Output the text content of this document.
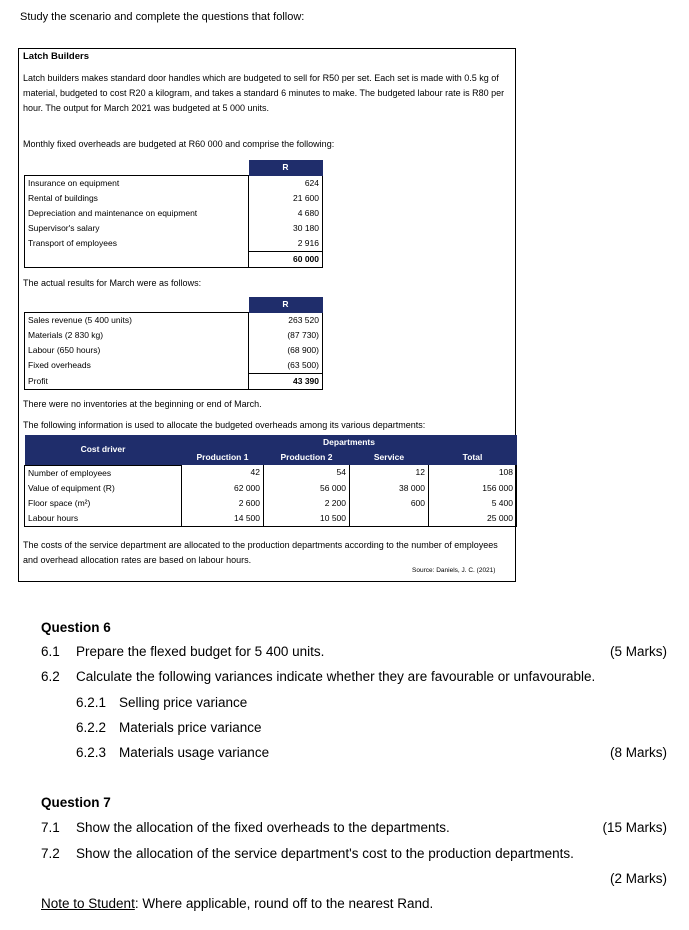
Study the scenario and complete the questions that follow:
Latch Builders
Latch builders makes standard door handles which are budgeted to sell for R50 per set. Each set is made with 0.5 kg of material, budgeted to cost R20 a kilogram, and takes a standard 6 minutes to make. The budgeted labour rate is R80 per hour. The output for March 2021 was budgeted at 5 000 units.
Monthly fixed overheads are budgeted at R60 000 and comprise the following:
	R
Insurance on equipment	624
Rental of buildings	21 600
Depreciation and maintenance on equipment	4 680
Supervisor's salary	30 180
Transport of employees	2 916
	60 000
The actual results for March were as follows:
	R
Sales revenue (5 400 units)	263 520
Materials (2 830 kg)	(87 730)
Labour (650 hours)	(68 900)
Fixed overheads	(63 500)
Profit	43 390
There were no inventories at the beginning or end of March.
The following information is used to allocate the budgeted overheads among its various departments:
Cost driver	Departments			
	Production 1	Production 2	Service	Total
Number of employees	42	54	12	108
Value of equipment (R)	62 000	56 000	38 000	156 000
Floor space (m²)	2 600	2 200	600	5 400
Labour hours	14 500	10 500		25 000
The costs of the service department are allocated to the production departments according to the number of employees and overhead allocation rates are based on labour hours.
Source: Daniels, J. C. (2021)
Question 6
6.1 Prepare the flexed budget for 5 400 units.	(5 Marks)
6.2 Calculate the following variances indicate whether they are favourable or unfavourable.
6.2.1 Selling price variance
6.2.2 Materials price variance
6.2.3 Materials usage variance	(8 Marks)
Question 7
7.1 Show the allocation of the fixed overheads to the departments.	(15 Marks)
7.2 Show the allocation of the service department's cost to the production departments.
(2 Marks)
Note to Student: Where applicable, round off to the nearest Rand.
